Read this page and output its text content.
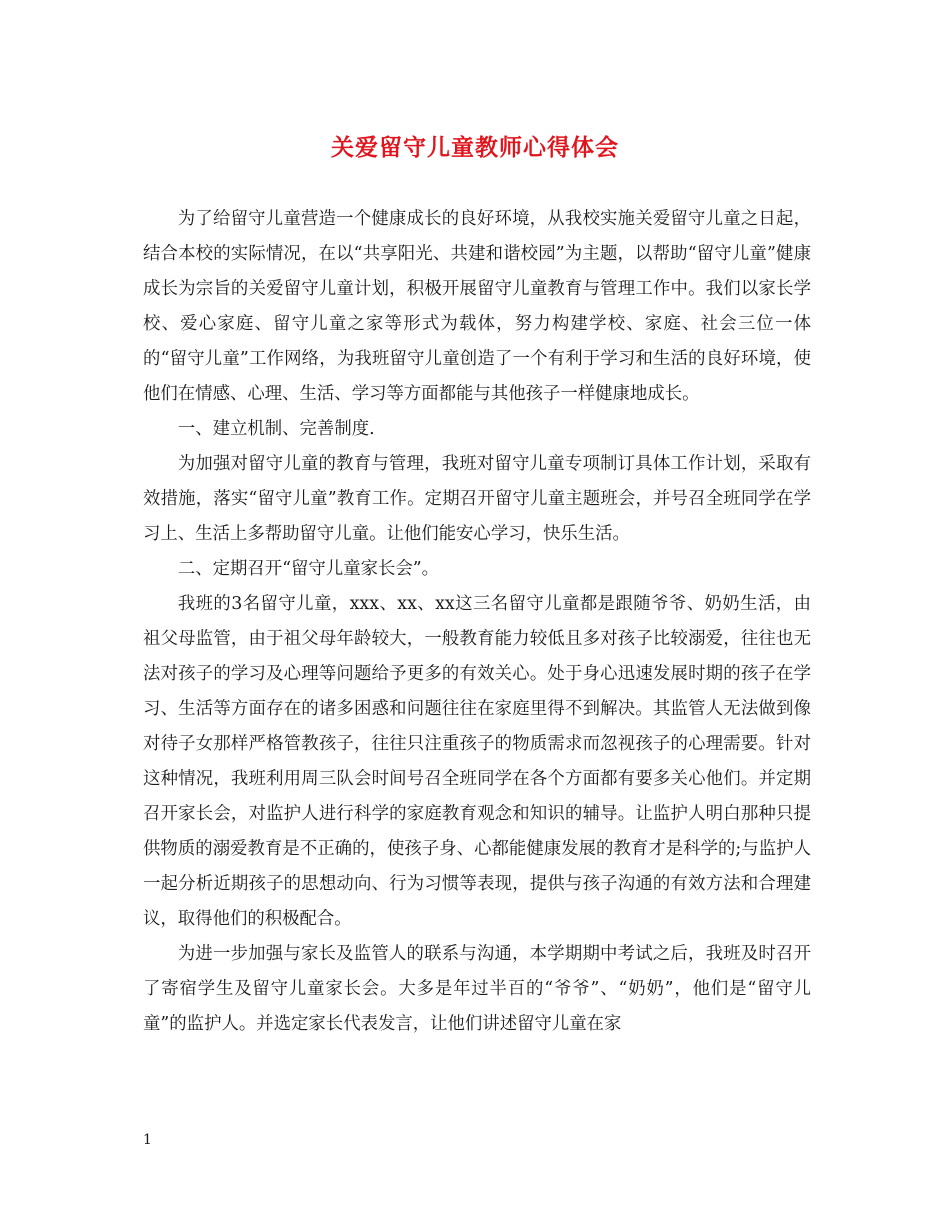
关爱留守儿童教师心得体会

为了给留守儿童营造一个健康成长的良好环境，从我校实施关爱留守儿童之日起，结合本校的实际情况，在以“共享阳光、共建和谐校园”为主题，以帮助“留守儿童”健康成长为宗旨的关爱留守儿童计划，积极开展留守儿童教育与管理工作中。我们以家长学校、爱心家庭、留守儿童之家等形式为载体，努力构建学校、家庭、社会三位一体的“留守儿童”工作网络，为我班留守儿童创造了一个有利于学习和生活的良好环境，使他们在情感、心理、生活、学习等方面都能与其他孩子一样健康地成长。

一、建立机制、完善制度.

为加强对留守儿童的教育与管理，我班对留守儿童专项制订具体工作计划，采取有效措施，落实“留守儿童”教育工作。定期召开留守儿童主题班会，并号召全班同学在学习上、生活上多帮助留守儿童。让他们能安心学习，快乐生活。

二、定期召开“留守儿童家长会”。

我班的3名留守儿童，xxx、xx、xx这三名留守儿童都是跟随爷爷、奶奶生活，由祖父母监管，由于祖父母年龄较大，一般教育能力较低且多对孩子比较溺爱，往往也无法对孩子的学习及心理等问题给予更多的有效关心。处于身心迅速发展时期的孩子在学习、生活等方面存在的诸多困惑和问题往往在家庭里得不到解决。其监管人无法做到像对待子女那样严格管教孩子，往往只注重孩子的物质需求而忽视孩子的心理需要。针对这种情况，我班利用周三队会时间号召全班同学在各个方面都有要多关心他们。并定期召开家长会，对监护人进行科学的家庭教育观念和知识的辅导。让监护人明白那种只提供物质的溺爱教育是不正确的，使孩子身、心都能健康发展的教育才是科学的;与监护人一起分析近期孩子的思想动向、行为习惯等表现，提供与孩子沟通的有效方法和合理建议，取得他们的积极配合。

为进一步加强与家长及监管人的联系与沟通，本学期期中考试之后，我班及时召开了寄宿学生及留守儿童家长会。大多是年过半百的“爷爷”、“奶奶”，他们是“留守儿童”的监护人。并选定家长代表发言，让他们讲述留守儿童在家

1
